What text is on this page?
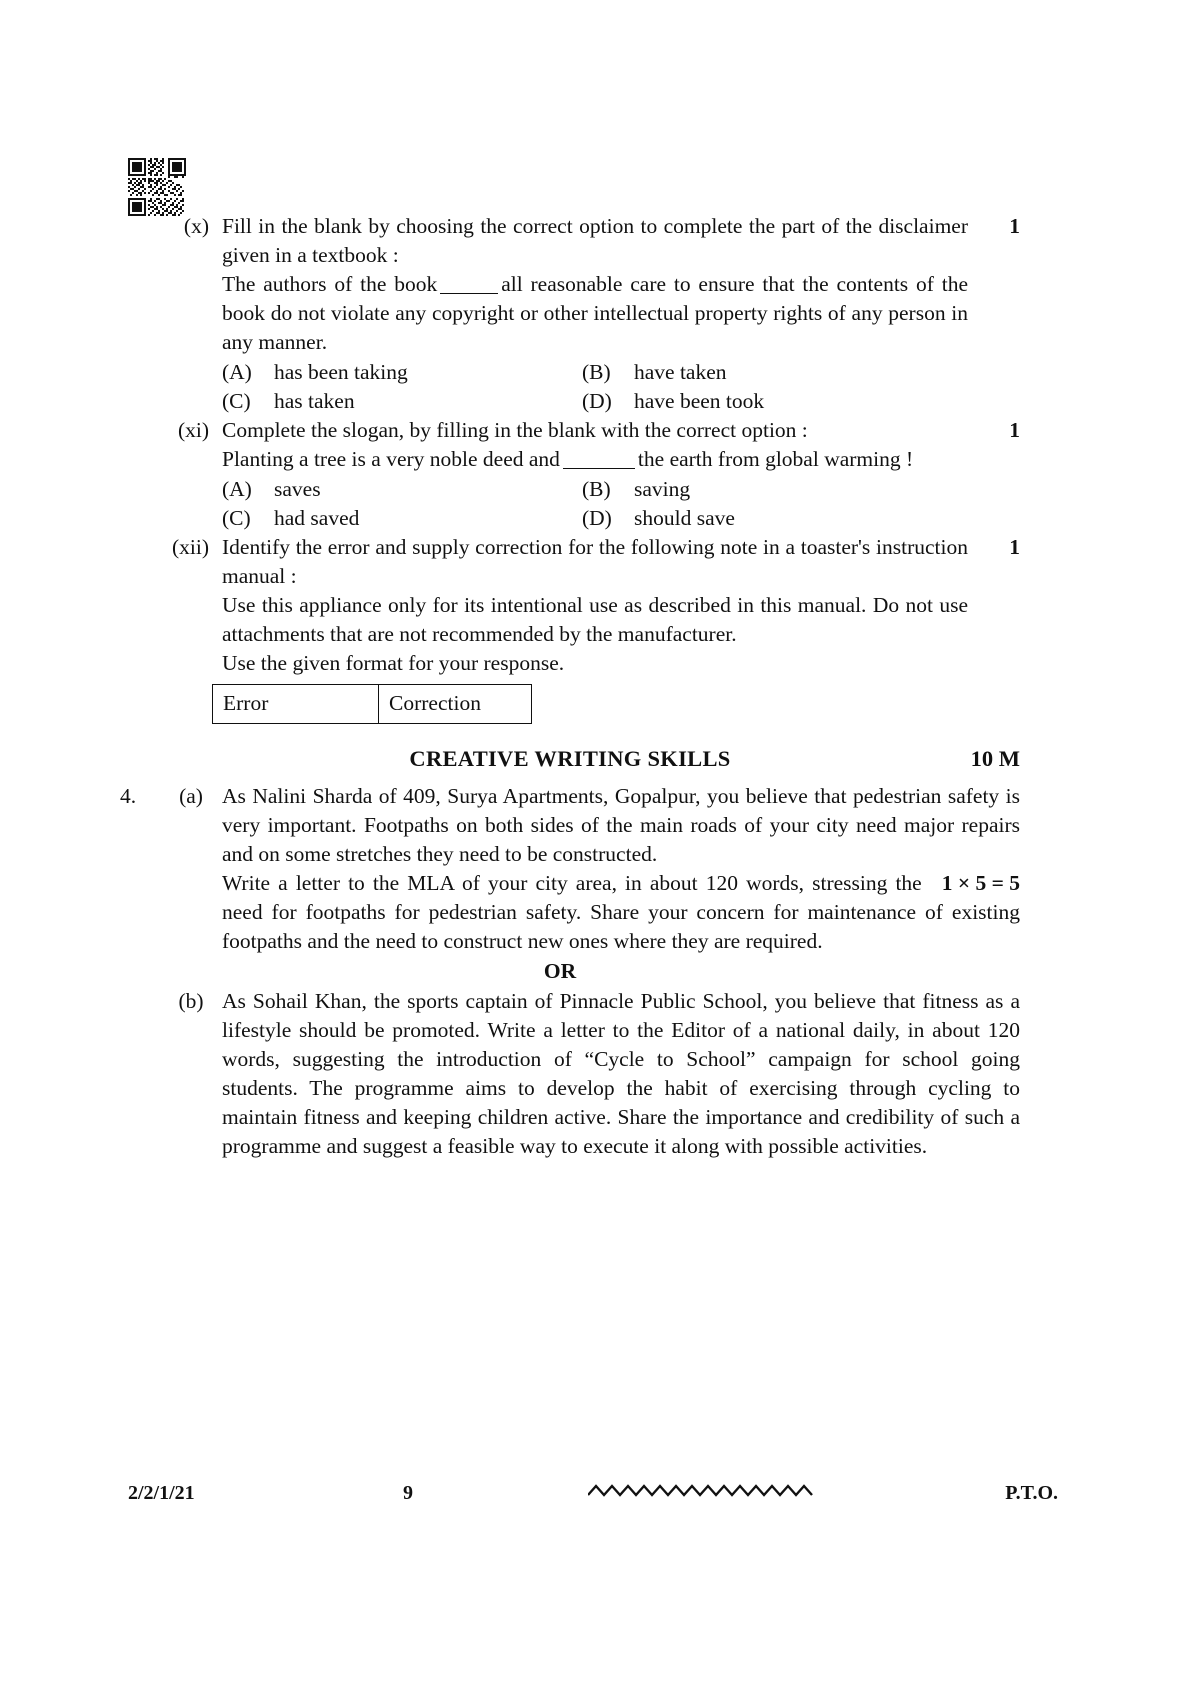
(x) Fill in the blank by choosing the correct option to complete the part of the disclaimer given in a textbook :
1
The authors of the book	all reasonable care to ensure that the contents of the book do not violate any copyright or other intellectual property rights of any person in any manner.
(A)	has been taking	(B)	have taken
(C)	has taken	(D)	have been took
(xi) Complete the slogan, by filling in the blank with the correct option :	1
Planting a tree is a very noble deed and	the earth from global warming !
(A)	saves	(B)	saving
(C)	had saved	(D)	should save
(xii) Identify the error and supply correction for the following note in a toaster's instruction manual :
1
Use this appliance only for its intentional use as described in this manual. Do not use attachments that are not recommended by the manufacturer.
Use the given format for your response.
Error	Correction
CREATIVE WRITING SKILLS	10 M
4.	(a) As Nalini Sharda of 409, Surya Apartments, Gopalpur, you believe that pedestrian safety is very important. Footpaths on both sides of the main roads of your city need major repairs and on some stretches they need to be constructed.
1 × 5 = 5
Write a letter to the MLA of your city area, in about 120 words, stressing the need for footpaths for pedestrian safety. Share your concern for maintenance of existing footpaths and the need to construct new ones where they are required.
OR
(b) As Sohail Khan, the sports captain of Pinnacle Public School, you believe that fitness as a lifestyle should be promoted. Write a letter to the Editor of a national daily, in about 120 words, suggesting the introduction of “Cycle to School” campaign for school going students. The programme aims to develop the habit of exercising through cycling to maintain fitness and keeping children active. Share the importance and credibility of such a programme and suggest a feasible way to execute it along with possible activities.
2/2/1/21	9	P.T.O.
